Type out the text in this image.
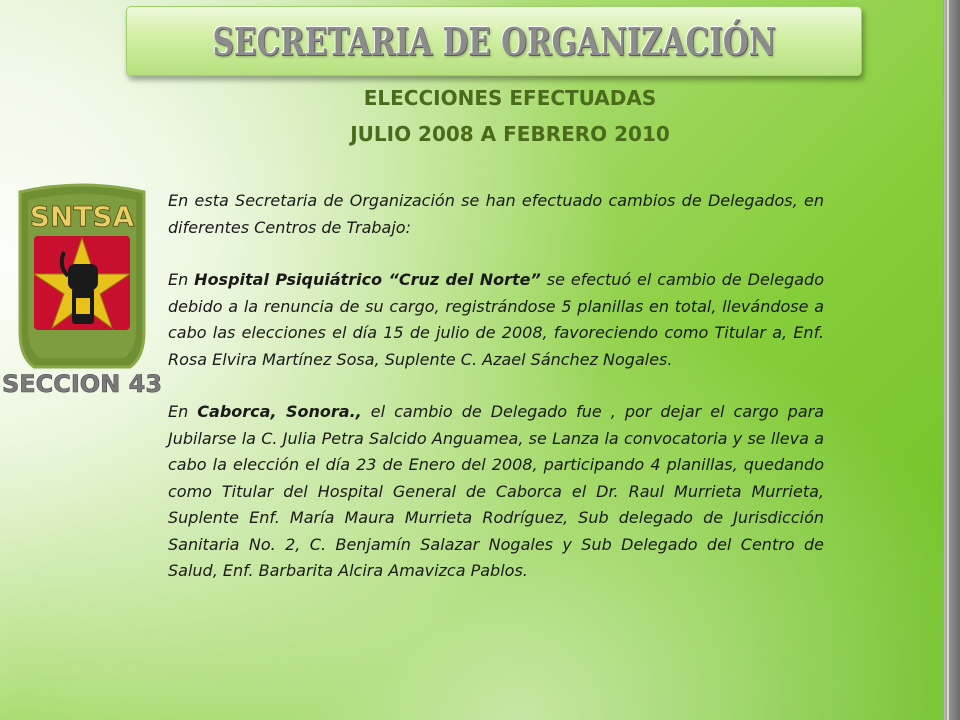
SECRETARIA DE ORGANIZACIÓN
ELECCIONES EFECTUADAS
JULIO 2008 A FEBRERO 2010
SNTSA
SECCION 43

En esta Secretaria de Organización se han efectuado cambios de Delegados, en diferentes Centros de Trabajo:

En Hospital Psiquiátrico “Cruz del Norte” se efectuó el cambio de Delegado debido a la renuncia de su cargo, registrándose 5 planillas en total, llevándose a cabo las elecciones el día 15 de julio de 2008, favoreciendo como Titular a, Enf. Rosa Elvira Martínez Sosa, Suplente C. Azael Sánchez Nogales.

En Caborca, Sonora., el cambio de Delegado fue , por dejar el cargo para Jubilarse la C. Julia Petra Salcido Anguamea, se Lanza la convocatoria y se lleva a cabo la elección el día 23 de Enero del 2008, participando 4 planillas, quedando como Titular del Hospital General de Caborca el Dr. Raul Murrieta Murrieta, Suplente Enf. María Maura Murrieta Rodríguez, Sub delegado de Jurisdicción Sanitaria No. 2, C. Benjamín Salazar Nogales y Sub Delegado del Centro de Salud, Enf. Barbarita Alcira Amavizca Pablos.
